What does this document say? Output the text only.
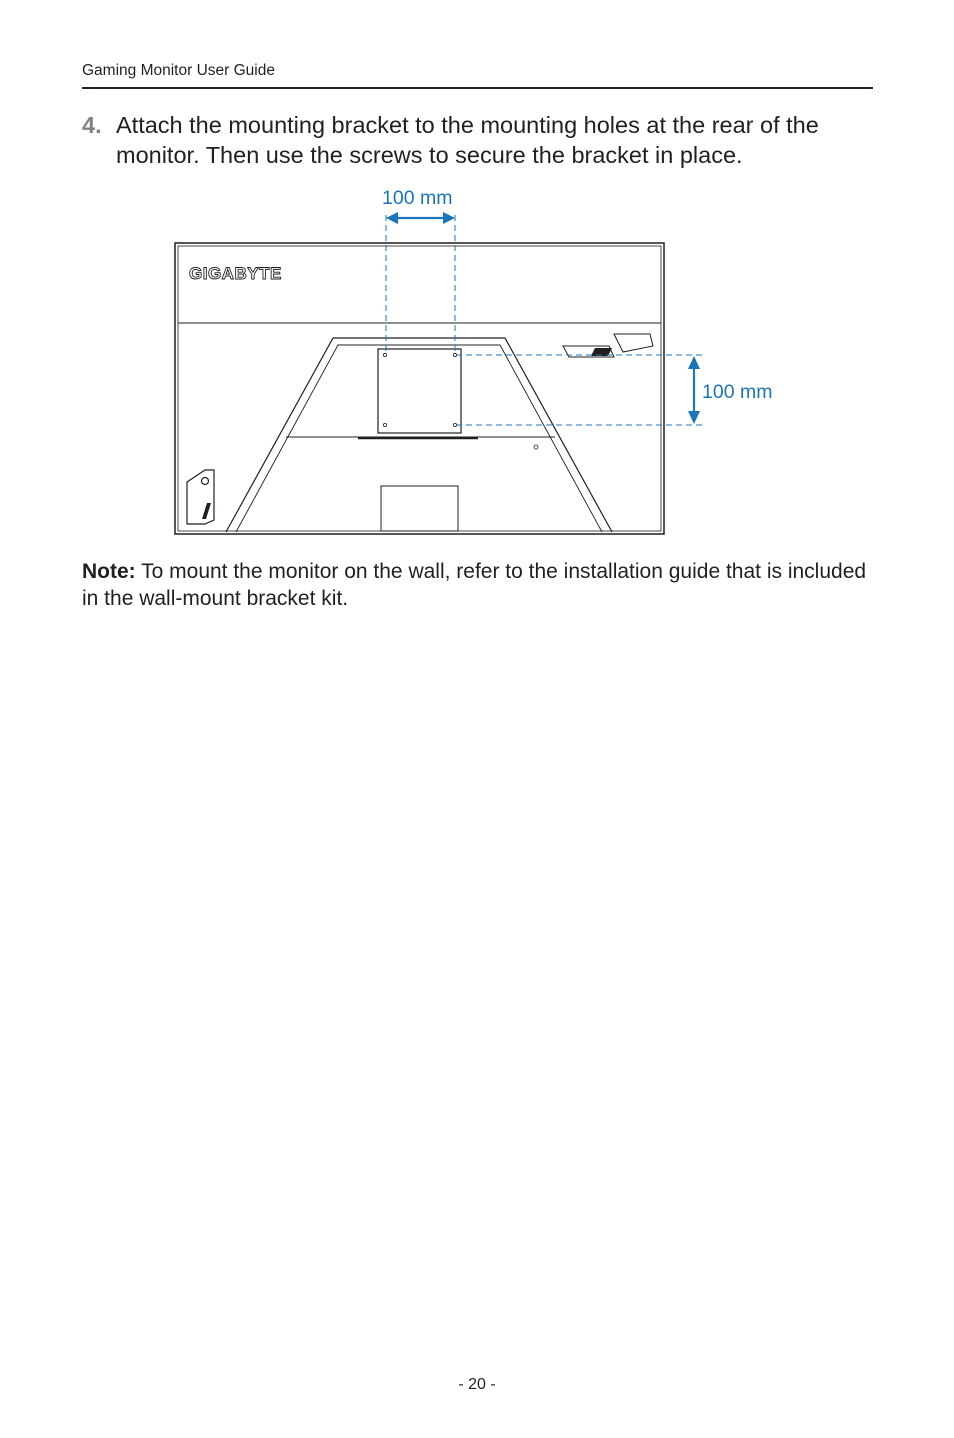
Gaming Monitor User Guide
4. Attach the mounting bracket to the mounting holes at the rear of the monitor. Then use the screws to secure the bracket in place.
GIGABYTE
100 mm
100 mm
Note: To mount the monitor on the wall, refer to the installation guide that is included in the wall-mount bracket kit.
- 20 -
